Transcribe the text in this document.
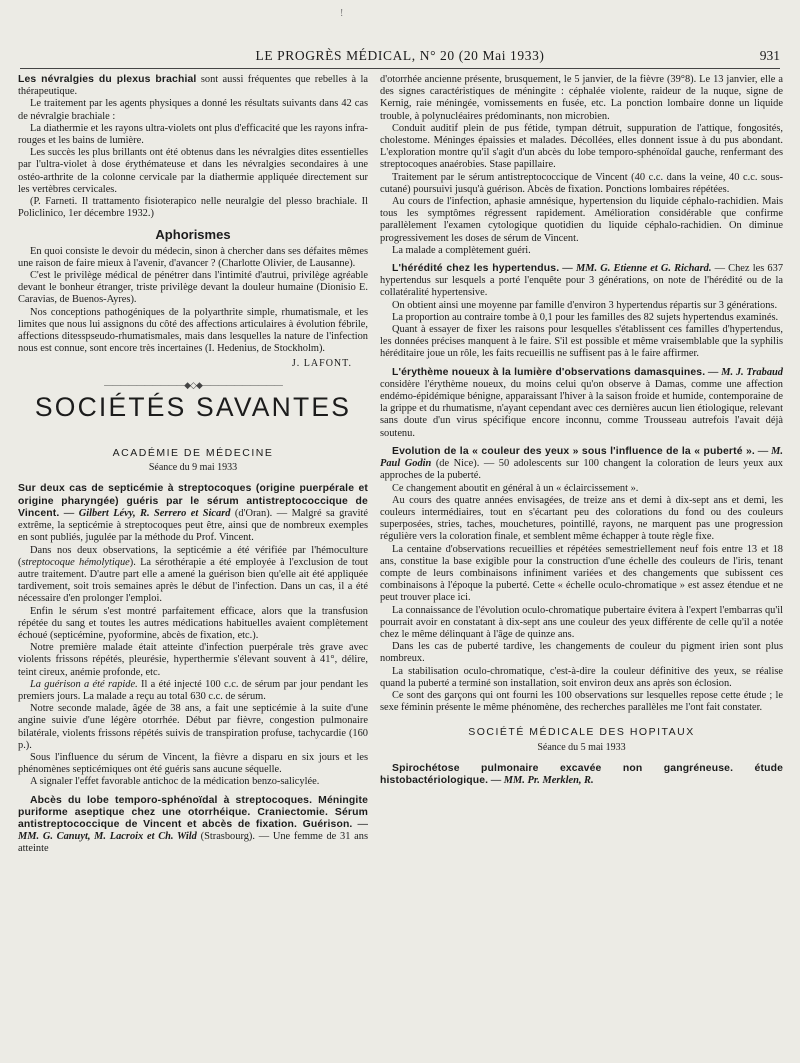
!
LE PROGRÈS MÉDICAL, N° 20 (20 Mai 1933)	931

Les névralgies du plexus brachial sont aussi fréquentes que rebelles à la thérapeutique.

Le traitement par les agents physiques a donné les résultats suivants dans 42 cas de névralgie brachiale :

La diathermie et les rayons ultra-violets ont plus d'efficacité que les rayons infra-rouges et les bains de lumière.

Les succès les plus brillants ont été obtenus dans les névralgies dites essentielles par l'ultra-violet à dose érythémateuse et dans les névralgies secondaires à une ostéo-arthrite de la colonne cervicale par la diathermie appliquée directement sur les vertèbres cervicales.

(P. Farneti. Il trattamento fisioterapico nelle neuralgie del plesso brachiale. Il Policlinico, 1er décembre 1932.)

Aphorismes

En quoi consiste le devoir du médecin, sinon à chercher dans ses défaites mêmes une raison de faire mieux à l'avenir, d'avancer ? (Charlotte Olivier, de Lausanne).

C'est le privilège médical de pénétrer dans l'intimité d'autrui, privilège agréable devant le bonheur étranger, triste privilège devant la douleur humaine (Dionisio E. Caravias, de Buenos-Ayres).

Nos conceptions pathogéniques de la polyarthrite simple, rhumatismale, et les limites que nous lui assignons du côté des affections articulaires à évolution fébrile, affections ditesspseudo-rhumatismales, mais dans lesquelles la nature de l'infection nous est connue, sont encore très incertaines (I. Hedenius, de Stockholm).

J. LAFONT.
——————————◆◇◆——————————
SOCIÉTÉS SAVANTES
ACADÉMIE DE MÉDECINE
Séance du 9 mai 1933

Sur deux cas de septicémie à streptocoques (origine puerpérale et origine pharyngée) guéris par le sérum antistreptococcique de Vincent. — Gilbert Lévy, R. Serrero et Sicard (d'Oran). — Malgré sa gravité extrême, la septicémie à streptocoques peut être, ainsi que de nombreux exemples en sont publiés, jugulée par la méthode du Prof. Vincent.

Dans nos deux observations, la septicémie a été vérifiée par l'hémoculture (streptocoque hémolytique). La sérothérapie a été employée à l'exclusion de tout autre traitement. D'autre part elle a amené la guérison bien qu'elle ait été appliquée tardivement, soit trois semaines après le début de l'infection. Dans un cas, il a été nécessaire d'en prolonger l'emploi.

Enfin le sérum s'est montré parfaitement efficace, alors que la transfusion répétée du sang et toutes les autres médications habituelles avaient complètement échoué (septicémine, pyoformine, abcès de fixation, etc.).

Notre première malade était atteinte d'infection puerpérale très grave avec violents frissons répétés, pleurésie, hyperthermie s'élevant souvent à 41°, délire, teint cireux, anémie profonde, etc.

La guérison a été rapide. Il a été injecté 100 c.c. de sérum par jour pendant les premiers jours. La malade a reçu au total 630 c.c. de sérum.

Notre seconde malade, âgée de 38 ans, a fait une septicémie à la suite d'une angine suivie d'une légère otorrhée. Début par fièvre, congestion pulmonaire bilatérale, violents frissons répétés suivis de transpiration profuse, tachycardie (160 p.).

Sous l'influence du sérum de Vincent, la fièvre a disparu en six jours et les phénomènes septicémiques ont été guéris sans aucune séquelle.

A signaler l'effet favorable antichoc de la médication benzo-salicylée.

Abcès du lobe temporo-sphénoïdal à streptocoques. Méningite puriforme aseptique chez une otorrhéique. Craniectomie. Sérum antistreptococcique de Vincent et abcès de fixation. Guérison. — MM. G. Canuyt, M. Lacroix et Ch. Wild (Strasbourg). — Une femme de 31 ans atteinte

d'otorrhée ancienne présente, brusquement, le 5 janvier, de la fièvre (39°8). Le 13 janvier, elle a des signes caractéristiques de méningite : céphalée violente, raideur de la nuque, signe de Kernig, raie méningée, vomissements en fusée, etc. La ponction lombaire donne un liquide trouble, à polynucléaires prédominants, non microbien.

Conduit auditif plein de pus fétide, tympan détruit, suppuration de l'attique, fongosités, cholestome. Méninges épaissies et malades. Décollées, elles donnent issue à du pus abondant. L'exploration montre qu'il s'agit d'un abcès du lobe temporo-sphénoïdal gauche, renfermant des streptocoques anaérobies. Stase papillaire.

Traitement par le sérum antistreptococcique de Vincent (40 c.c. dans la veine, 40 c.c. sous-cutané) poursuivi jusqu'à guérison. Abcès de fixation. Ponctions lombaires répétées.

Au cours de l'infection, aphasie amnésique, hypertension du liquide céphalo-rachidien. Mais tous les symptômes régressent rapidement. Amélioration considérable que confirme parallèlement l'examen cytologique quotidien du liquide céphalo-rachidien. On diminue progressivement les doses de sérum de Vincent.

La malade a complètement guéri.

L'hérédité chez les hypertendus. — MM. G. Etienne et G. Richard. — Chez les 637 hypertendus sur lesquels a porté l'enquête pour 3 générations, on note de l'hérédité ou de la collatéralité hypertensive.

On obtient ainsi une moyenne par famille d'environ 3 hypertendus répartis sur 3 générations.

La proportion au contraire tombe à 0,1 pour les familles des 82 sujets hypertendus examinés.

Quant à essayer de fixer les raisons pour lesquelles s'établissent ces familles d'hypertendus, les données précises manquent à le faire. S'il est possible et même vraisemblable que la syphilis héréditaire joue un rôle, les faits recueillis ne suffisent pas à le faire affirmer.

L'érythème noueux à la lumière d'observations damasquines. — M. J. Trabaud considère l'érythème noueux, du moins celui qu'on observe à Damas, comme une affection endémo-épidémique bénigne, apparaissant l'hiver à la saison froide et humide, contemporaine de la grippe et du rhumatisme, n'ayant cependant avec ces dernières aucun lien étiologique, relevant sans doute d'un virus spécifique encore inconnu, comme Trousseau autrefois l'avait déjà soutenu.

Evolution de la « couleur des yeux » sous l'influence de la « puberté ». — M. Paul Godin (de Nice). — 50 adolescents sur 100 changent la coloration de leurs yeux aux approches de la puberté.

Ce changement aboutit en général à un « éclaircissement ».

Au cours des quatre années envisagées, de treize ans et demi à dix-sept ans et demi, les couleurs intermédiaires, tout en s'écartant peu des colorations du fond ou des couleurs superposées, stries, taches, mouchetures, pointillé, rayons, ne marquent pas une progression régulière vers la coloration finale, et semblent même échapper à toute règle fixe.

La centaine d'observations recueillies et répétées semestriellement neuf fois entre 13 et 18 ans, constitue la base exigible pour la construction d'une échelle des couleurs de l'iris, tenant compte de leurs combinaisons infiniment variées et des changements que subissent ces combinaisons à l'époque la puberté. Cette « échelle oculo-chromatique » est assez étendue et ne peut trouver place ici.

La connaissance de l'évolution oculo-chromatique pubertaire évitera à l'expert l'embarras qu'il pourrait avoir en constatant à dix-sept ans une couleur des yeux différente de celle qu'il a notée chez le même délinquant à l'âge de quinze ans.

Dans les cas de puberté tardive, les changements de couleur du pigment irien sont plus nombreux.

La stabilisation oculo-chromatique, c'est-à-dire la couleur définitive des yeux, se réalise quand la puberté a terminé son installation, soit environ deux ans après son éclosion.

Ce sont des garçons qui ont fourni les 100 observations sur lesquelles repose cette étude ; le sexe féminin présente le même phénomène, des recherches parallèles me l'ont fait constater.

SOCIÉTÉ MÉDICALE DES HOPITAUX
Séance du 5 mai 1933

Spirochétose pulmonaire excavée non gangréneuse. étude histobactériologique. — MM. Pr. Merklen, R.
